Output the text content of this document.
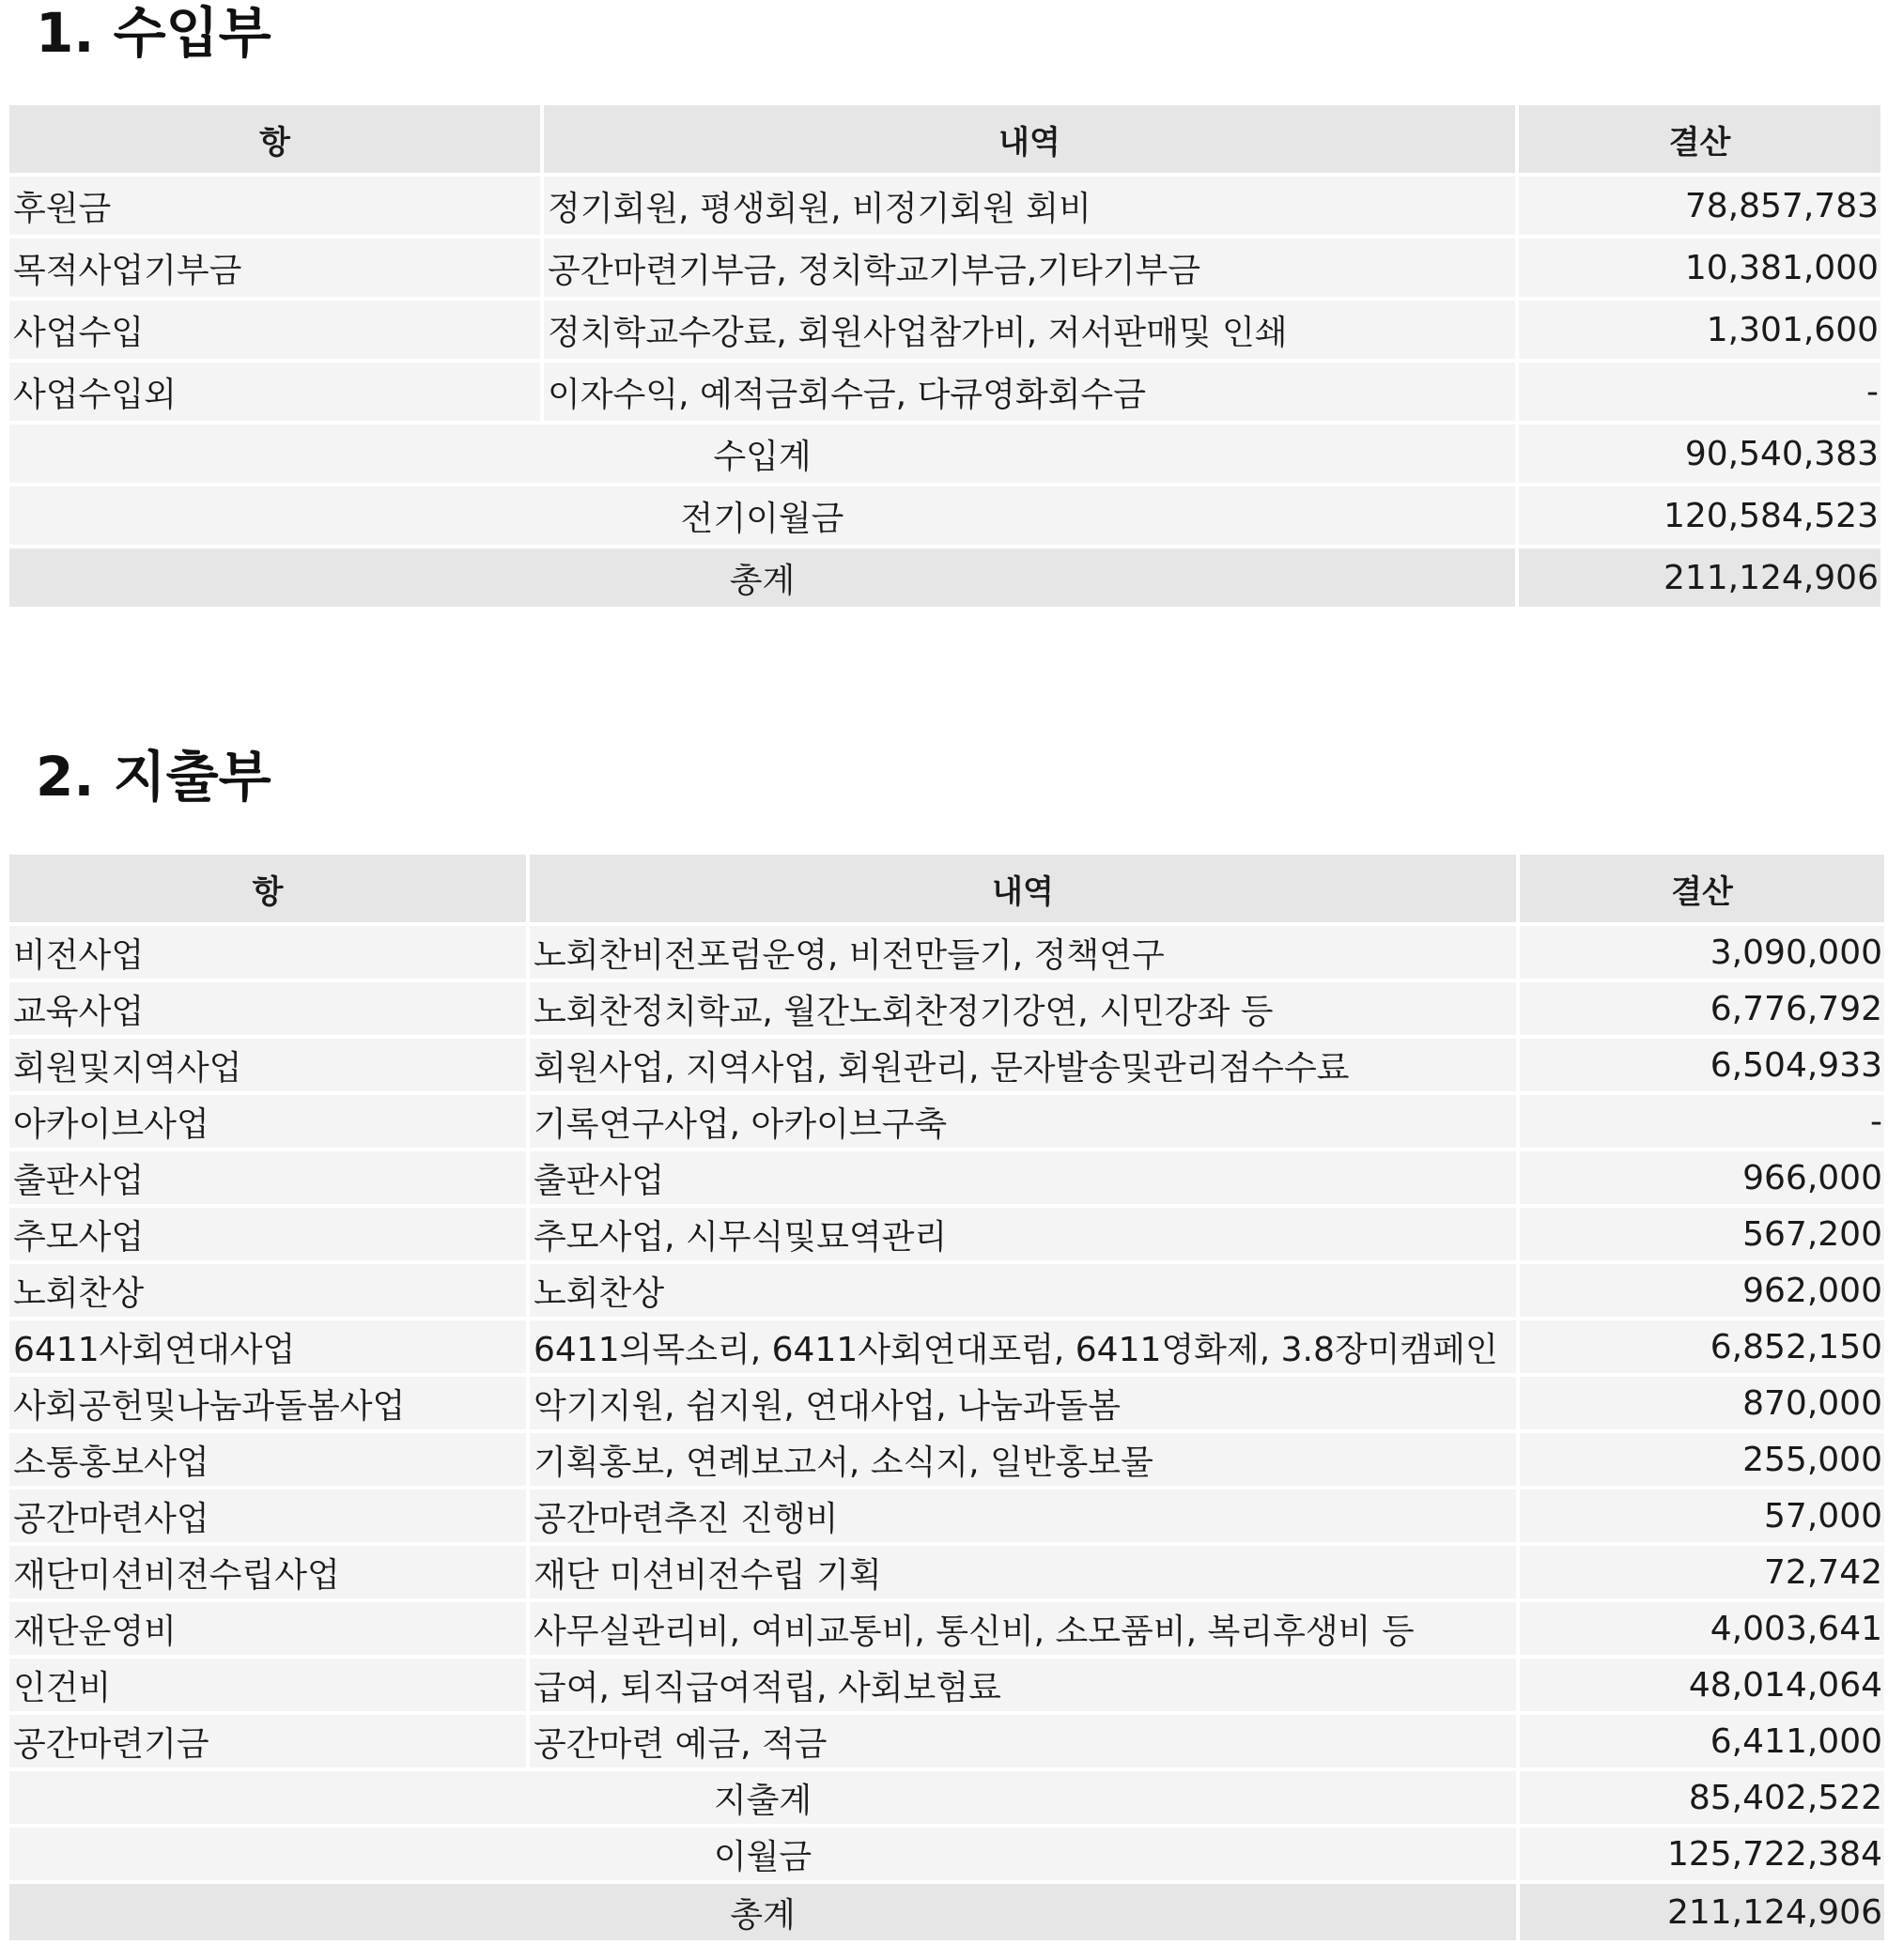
1. 수입부
항	내역	결산
후원금	정기회원, 평생회원, 비정기회원 회비	78,857,783
목적사업기부금	공간마련기부금, 정치학교기부금,기타기부금	10,381,000
사업수입	정치학교수강료, 회원사업참가비, 저서판매및 인쇄	1,301,600
사업수입외	이자수익, 예적금회수금, 다큐영화회수금	-
수입계		90,540,383
전기이월금		120,584,523
총계		211,124,906
2. 지출부
항	내역	결산
비전사업	노회찬비전포럼운영, 비전만들기, 정책연구	3,090,000
교육사업	노회찬정치학교, 월간노회찬정기강연, 시민강좌 등	6,776,792
회원및지역사업	회원사업, 지역사업, 회원관리, 문자발송및관리점수수료	6,504,933
아카이브사업	기록연구사업, 아카이브구축	-
출판사업	출판사업	966,000
추모사업	추모사업, 시무식및묘역관리	567,200
노회찬상	노회찬상	962,000
6411사회연대사업	6411의목소리, 6411사회연대포럼, 6411영화제, 3.8장미캠페인	6,852,150
사회공헌및나눔과돌봄사업	악기지원, 쉼지원, 연대사업, 나눔과돌봄	870,000
소통홍보사업	기획홍보, 연례보고서, 소식지, 일반홍보물	255,000
공간마련사업	공간마련추진 진행비	57,000
재단미션비젼수립사업	재단 미션비전수립 기획	72,742
재단운영비	사무실관리비, 여비교통비, 통신비, 소모품비, 복리후생비 등	4,003,641
인건비	급여, 퇴직급여적립, 사회보험료	48,014,064
공간마련기금	공간마련 예금, 적금	6,411,000
지출계		85,402,522
이월금		125,722,384
총계		211,124,906
